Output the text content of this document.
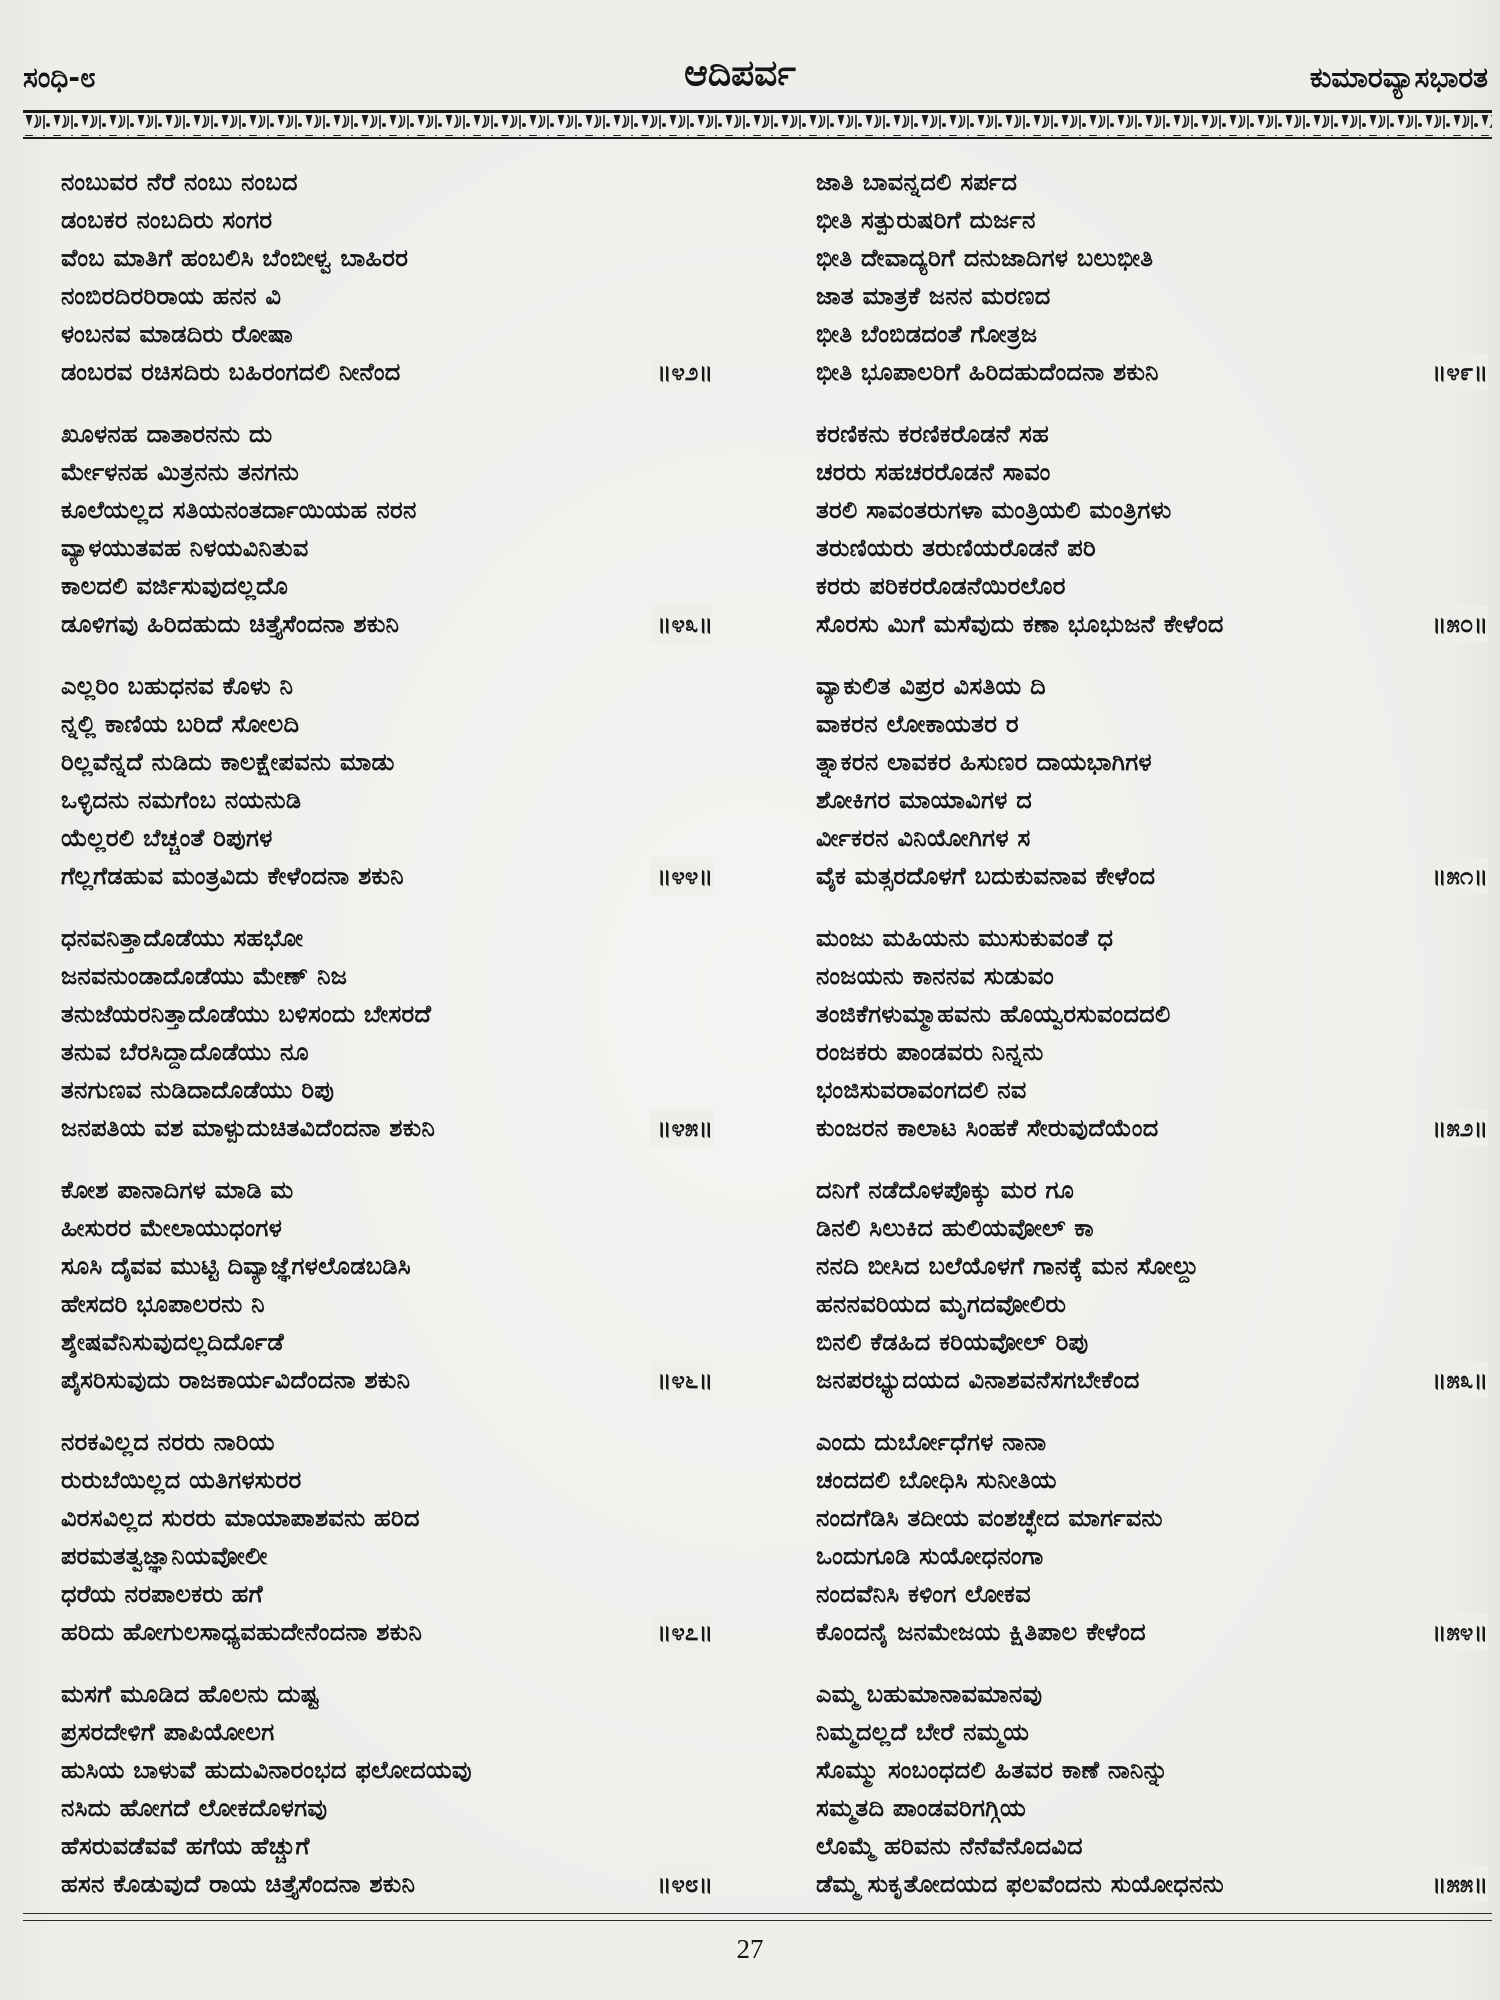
ಸಂಧಿ-೮	ಆದಿಪರ್ವ	ಕುಮಾರವ್ಯಾಸಭಾರತ
ನಂಬುವರ ನೆರೆ ನಂಬು ನಂಬದ
ಡಂಬಕರ ನಂಬದಿರು ಸಂಗರ
ವೆಂಬ ಮಾತಿಗೆ ಹಂಬಲಿಸಿ ಬೆಂಬೀಳ್ವ ಬಾಹಿರರ
ನಂಬಿರದಿರರಿರಾಯ ಹನನ ವಿ
ಳಂಬನವ ಮಾಡದಿರು ರೋಷಾ
ಡಂಬರವ ರಚಿಸದಿರು ಬಹಿರಂಗದಲಿ ನೀನೆಂದ	॥೪೨॥
ಖೂಳನಹ ದಾತಾರನನು ದು
ರ್ಮೇಳನಹ ಮಿತ್ರನನು ತನಗನು
ಕೂಲೆಯಲ್ಲದ ಸತಿಯನಂತರ್ದಾಯಿಯಹ ನರನ
ವ್ಯಾಳಯುತವಹ ನಿಳಯವಿನಿತುವ
ಕಾಲದಲಿ ವರ್ಜಿಸುವುದಲ್ಲದೊ
ಡೂಳಿಗವು ಹಿರಿದಹುದು ಚಿತ್ತೈಸೆಂದನಾ ಶಕುನಿ	॥೪೩॥
ಎಲ್ಲರಿಂ ಬಹುಧನವ ಕೊಳು ನಿ
ನ್ನಲ್ಲಿ ಕಾಣಿಯ ಬರಿದೆ ಸೋಲದಿ
ರಿಲ್ಲವೆನ್ನದೆ ನುಡಿದು ಕಾಲಕ್ಷೇಪವನು ಮಾಡು
ಒಳ್ಳಿದನು ನಮಗೆಂಬ ನಯನುಡಿ
ಯೆಲ್ಲರಲಿ ಬೆಚ್ಚಂತೆ ರಿಪುಗಳ
ಗೆಲ್ಲಗೆಡಹುವ ಮಂತ್ರವಿದು ಕೇಳೆಂದನಾ ಶಕುನಿ	॥೪೪॥
ಧನವನಿತ್ತಾದೊಡೆಯು ಸಹಭೋ
ಜನವನುಂಡಾದೊಡೆಯು ಮೇಣ್ ನಿಜ
ತನುಜೆಯರನಿತ್ತಾದೊಡೆಯು ಬಳಿಸಂದು ಬೇಸರದೆ
ತನುವ ಬೆರಸಿದ್ದಾದೊಡೆಯು ನೂ
ತನಗುಣವ ನುಡಿದಾದೊಡೆಯು ರಿಪು
ಜನಪತಿಯ ವಶ ಮಾಳ್ಪುದುಚಿತವಿದೆಂದನಾ ಶಕುನಿ	॥೪೫॥
ಕೋಶ ಪಾನಾದಿಗಳ ಮಾಡಿ ಮ
ಹೀಸುರರ ಮೇಲಾಯುಧಂಗಳ
ಸೂಸಿ ದೈವವ ಮುಟ್ಟಿ ದಿವ್ಯಾಜ್ಞೆಗಳಲೊಡಬಡಿಸಿ
ಹೇಸದರಿ ಭೂಪಾಲರನು ನಿ
ಶ್ಶೇಷವೆನಿಸುವುದಲ್ಲದಿರ್ದೊಡೆ
ಪೈಸರಿಸುವುದು ರಾಜಕಾರ್ಯವಿದೆಂದನಾ ಶಕುನಿ	॥೪೬॥
ನರಕವಿಲ್ಲದ ನರರು ನಾರಿಯ
ರುರುಬೆಯಿಲ್ಲದ ಯತಿಗಳಸುರರ
ವಿರಸವಿಲ್ಲದ ಸುರರು ಮಾಯಾಪಾಶವನು ಹರಿದ
ಪರಮತತ್ವಜ್ಞಾನಿಯವೋಲೀ
ಧರೆಯ ನರಪಾಲಕರು ಹಗೆ
ಹರಿದು ಹೋಗುಲಸಾಧ್ಯವಹುದೇನೆಂದನಾ ಶಕುನಿ	॥೪೭॥
ಮಸಗೆ ಮೂಡಿದ ಹೊಲನು ದುಷ್ಟ
ಪ್ರಸರದೇಳಿಗೆ ಪಾಪಿಯೋಲಗ
ಹುಸಿಯ ಬಾಳುವೆ ಹುದುವಿನಾರಂಭದ ಫಲೋದಯವು
ನಸಿದು ಹೋಗದೆ ಲೋಕದೊಳಗವು
ಹೆಸರುವಡೆವವೆ ಹಗೆಯ ಹೆಚ್ಚುಗೆ
ಹಸನ ಕೊಡುವುದೆ ರಾಯ ಚಿತ್ತೈಸೆಂದನಾ ಶಕುನಿ	॥೪೮॥
ಜಾತಿ ಬಾವನ್ನದಲಿ ಸರ್ಪದ
ಭೀತಿ ಸತ್ಪುರುಷರಿಗೆ ದುರ್ಜನ
ಭೀತಿ ದೇವಾದ್ಯರಿಗೆ ದನುಜಾದಿಗಳ ಬಲುಭೀತಿ
ಜಾತ ಮಾತ್ರಕೆ ಜನನ ಮರಣದ
ಭೀತಿ ಬೆಂಬಿಡದಂತೆ ಗೋತ್ರಜ
ಭೀತಿ ಭೂಪಾಲರಿಗೆ ಹಿರಿದಹುದೆಂದನಾ ಶಕುನಿ	॥೪೯॥
ಕರಣಿಕನು ಕರಣಿಕರೊಡನೆ ಸಹ
ಚರರು ಸಹಚರರೊಡನೆ ಸಾವಂ
ತರಲಿ ಸಾವಂತರುಗಳಾ ಮಂತ್ರಿಯಲಿ ಮಂತ್ರಿಗಳು
ತರುಣಿಯರು ತರುಣಿಯರೊಡನೆ ಪರಿ
ಕರರು ಪರಿಕರರೊಡನೆಯಿರಲೊರ
ಸೊರಸು ಮಿಗೆ ಮಸೆವುದು ಕಣಾ ಭೂಭುಜನೆ ಕೇಳೆಂದ	॥೫೦॥
ವ್ಯಾಕುಲಿತ ವಿಪ್ರರ ವಿಸತಿಯ ದಿ
ವಾಕರನ ಲೋಕಾಯತರ ರ
ತ್ನಾಕರನ ಲಾವಕರ ಹಿಸುಣರ ದಾಯಭಾಗಿಗಳ
ಶೋಕಿಗರ ಮಾಯಾವಿಗಳ ದ
ರ್ವೀಕರನ ವಿನಿಯೋಗಿಗಳ ಸ
ವೈಕ ಮತ್ಸರದೊಳಗೆ ಬದುಕುವನಾವ ಕೇಳೆಂದ	॥೫೧॥
ಮಂಜು ಮಹಿಯನು ಮುಸುಕುವಂತೆ ಧ
ನಂಜಯನು ಕಾನನವ ಸುಡುವಂ
ತಂಜಿಕೆಗಳುಮ್ಮಾಹವನು ಹೊಯ್ವರಸುವಂದದಲಿ
ರಂಜಕರು ಪಾಂಡವರು ನಿನ್ನನು
ಭಂಜಿಸುವರಾವಂಗದಲಿ ನವ
ಕುಂಜರನ ಕಾಲಾಟ ಸಿಂಹಕೆ ಸೇರುವುದೆಯೆಂದ	॥೫೨॥
ದನಿಗೆ ನಡೆದೊಳಪೊಕ್ಕು ಮರ ಗೂ
ಡಿನಲಿ ಸಿಲುಕಿದ ಹುಲಿಯವೋಲ್ ಕಾ
ನನದಿ ಬೀಸಿದ ಬಲೆಯೊಳಗೆ ಗಾನಕ್ಕೆ ಮನ ಸೋಲ್ದು
ಹನನವರಿಯದ ಮೃಗದವೋಲಿರು
ಬಿನಲಿ ಕೆಡಹಿದ ಕರಿಯವೋಲ್ ರಿಪು
ಜನಪರಭ್ಯುದಯದ ವಿನಾಶವನೆಸಗಬೇಕೆಂದ	॥೫೩॥
ಎಂದು ದುರ್ಬೋಧೆಗಳ ನಾನಾ
ಚಂದದಲಿ ಬೋಧಿಸಿ ಸುನೀತಿಯ
ನಂದಗೆಡಿಸಿ ತದೀಯ ವಂಶಚ್ಛೇದ ಮಾರ್ಗವನು
ಒಂದುಗೂಡಿ ಸುಯೋಧನಂಗಾ
ನಂದವೆನಿಸಿ ಕಳಿಂಗ ಲೋಕವ
ಕೊಂದನೈ ಜನಮೇಜಯ ಕ್ಷಿತಿಪಾಲ ಕೇಳೆಂದ	॥೫೪॥
ಎಮ್ಮ ಬಹುಮಾನಾವಮಾನವು
ನಿಮ್ಮದಲ್ಲದೆ ಬೇರೆ ನಮ್ಮಯ
ಸೊಮ್ಮು ಸಂಬಂಧದಲಿ ಹಿತವರ ಕಾಣೆ ನಾನಿನ್ನು
ಸಮ್ಮತದಿ ಪಾಂಡವರಿಗಗ್ಗಿಯ
ಲೊಮ್ಮೆ ಹರಿವನು ನೆನೆವೆನೊದವಿದ
ಡೆಮ್ಮ ಸುಕೃತೋದಯದ ಫಲವೆಂದನು ಸುಯೋಧನನು	॥೫೫॥
27
